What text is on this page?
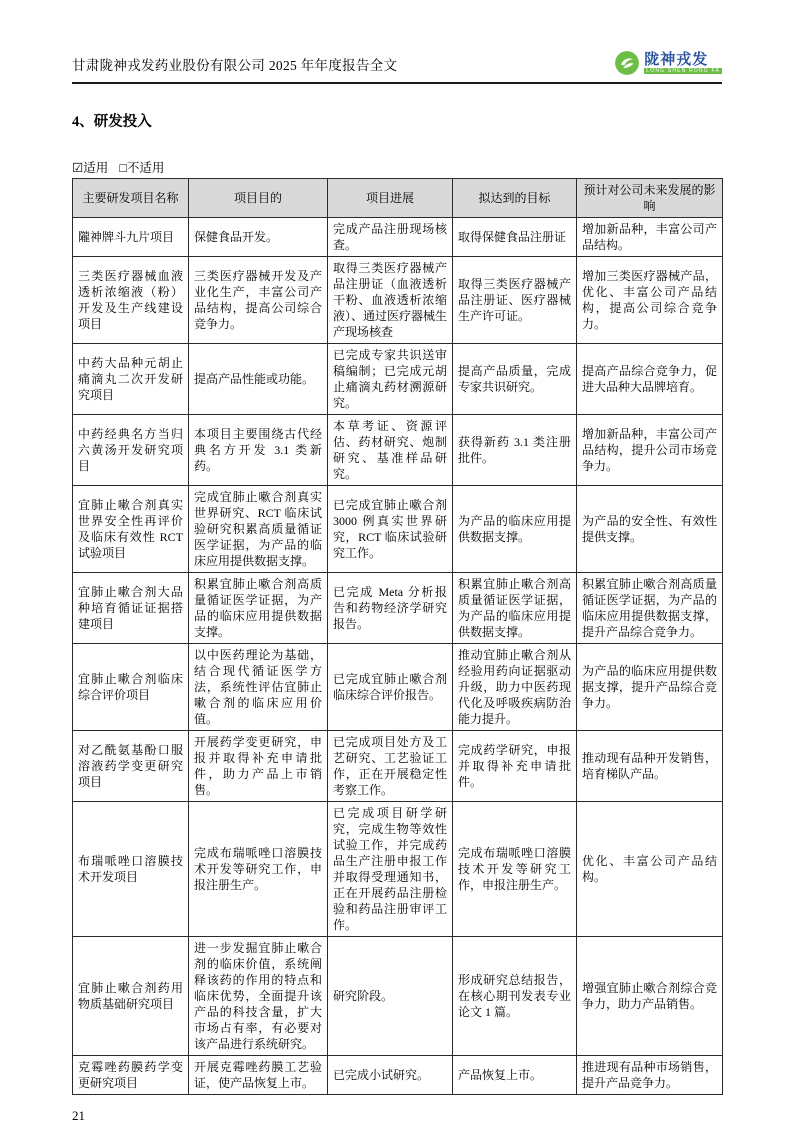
甘肃陇神戎发药业股份有限公司 2025 年年度报告全文	陇神戎发
LONG SHEN RONG FA
4、研发投入
☑适用 □不适用
主要研发项目名称	项目目的	项目进展	拟达到的目标	预计对公司未来发展的影响
隴神牌斗九片项目	保健食品开发。	完成产品注册现场核查。	取得保健食品注册证	增加新品种，丰富公司产品结构。
三类医疗器械血液透析浓缩液（粉）开发及生产线建设项目	三类医疗器械开发及产业化生产，丰富公司产品结构，提高公司综合竞争力。	取得三类医疗器械产品注册证（血液透析干粉、血液透析浓缩液）、通过医疗器械生产现场核查	取得三类医疗器械产品注册证、医疗器械生产许可证。	增加三类医疗器械产品，优化、丰富公司产品结构，提高公司综合竞争力。
中药大品种元胡止痛滴丸二次开发研究项目	提高产品性能或功能。	已完成专家共识送审稿编制；已完成元胡止痛滴丸药材溯源研究。	提高产品质量，完成专家共识研究。	提高产品综合竞争力，促进大品种大品牌培育。
中药经典名方当归六黄汤开发研究项目	本项目主要围绕古代经典名方开发 3.1 类新药。	本草考证、资源评估、药材研究、炮制研究、基准样品研究。	获得新药 3.1 类注册批件。	增加新品种，丰富公司产品结构，提升公司市场竞争力。
宜肺止嗽合剂真实世界安全性再评价及临床有效性 RCT 试验项目	完成宜肺止嗽合剂真实世界研究、RCT 临床试验研究积累高质量循证医学证据，为产品的临床应用提供数据支撑。	已完成宜肺止嗽合剂 3000 例真实世界研究，RCT 临床试验研究工作。	为产品的临床应用提供数据支撑。	为产品的安全性、有效性提供支撑。
宜肺止嗽合剂大品种培育循证证据搭建项目	积累宜肺止嗽合剂高质量循证医学证据，为产品的临床应用提供数据支撑。	已完成 Meta 分析报告和药物经济学研究报告。	积累宜肺止嗽合剂高质量循证医学证据，为产品的临床应用提供数据支撑。	积累宜肺止嗽合剂高质量循证医学证据，为产品的临床应用提供数据支撑，提升产品综合竞争力。
宜肺止嗽合剂临床综合评价项目	以中医药理论为基础，结合现代循证医学方法，系统性评估宜肺止嗽合剂的临床应用价值。	已完成宜肺止嗽合剂临床综合评价报告。	推动宜肺止嗽合剂从经验用药向证据驱动升级，助力中医药现代化及呼吸疾病防治能力提升。	为产品的临床应用提供数据支撑，提升产品综合竞争力。
对乙酰氨基酚口服溶液药学变更研究项目	开展药学变更研究，申报并取得补充申请批件，助力产品上市销售。	已完成项目处方及工艺研究、工艺验证工作，正在开展稳定性考察工作。	完成药学研究，申报并取得补充申请批件。	推动现有品种开发销售，培育梯队产品。
布瑞哌唑口溶膜技术开发项目	完成布瑞哌唑口溶膜技术开发等研究工作，申报注册生产。	已完成项目研学研究，完成生物等效性试验工作，并完成药品生产注册申报工作并取得受理通知书，正在开展药品注册检验和药品注册审评工作。	完成布瑞哌唑口溶膜技术开发等研究工作，申报注册生产。	优化、丰富公司产品结构。
宜肺止嗽合剂药用物质基础研究项目	进一步发掘宜肺止嗽合剂的临床价值，系统阐释该药的作用的特点和临床优势，全面提升该产品的科技含量，扩大市场占有率，有必要对该产品进行系统研究。	研究阶段。	形成研究总结报告，在核心期刊发表专业论文 1 篇。	增强宜肺止嗽合剂综合竞争力，助力产品销售。
克霉唑药膜药学变更研究项目	开展克霉唑药膜工艺验证，使产品恢复上市。	已完成小试研究。	产品恢复上市。	推进现有品种市场销售，提升产品竞争力。
21
